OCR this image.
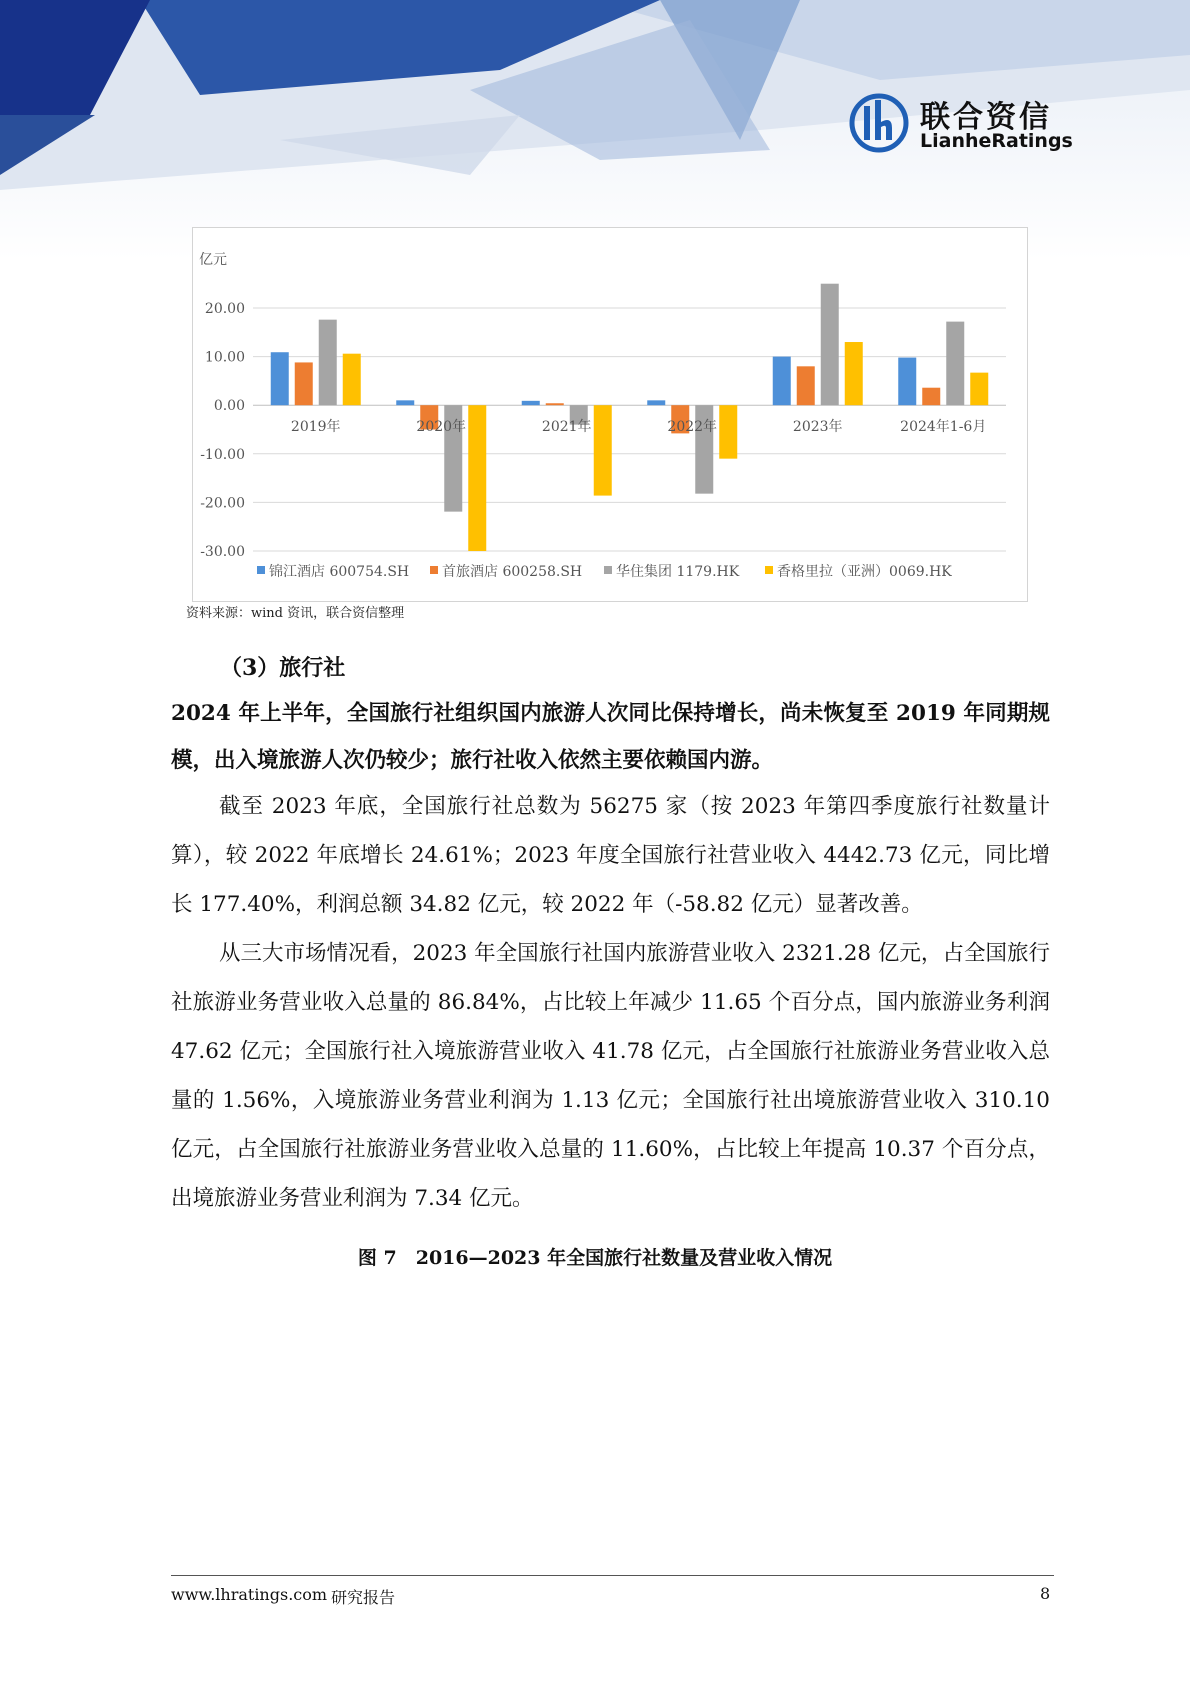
联合资信
LianheRatings
亿元
20.00
10.00
0.00
-10.00
-20.00
-30.00
2019年	2020年	2021年	2022年	2023年	2024年1-6月
锦江酒店 600754.SH 首旅酒店 600258.SH 华住集团 1179.HK	香格里拉（亚洲）0069.HK
资料来源：wind 资讯，联合资信整理
（3）旅行社
2024 年上半年，全国旅行社组织国内旅游人次同比保持增长，尚未恢复至 2019 年同期规模，出入境旅游人次仍较少；旅行社收入依然主要依赖国内游。
截至 2023 年底，全国旅行社总数为 56275 家（按 2023 年第四季度旅行社数量计算），较 2022 年底增长 24.61%；2023 年度全国旅行社营业收入 4442.73 亿元，同比增长 177.40%，利润总额 34.82 亿元，较 2022 年（-58.82 亿元）显著改善。
从三大市场情况看，2023 年全国旅行社国内旅游营业收入 2321.28 亿元，占全国旅行社旅游业务营业收入总量的 86.84%，占比较上年减少 11.65 个百分点，国内旅游业务利润 47.62 亿元；全国旅行社入境旅游营业收入 41.78 亿元，占全国旅行社旅游业务营业收入总量的 1.56%，入境旅游业务营业利润为 1.13 亿元；全国旅行社出境旅游营业收入 310.10 亿元，占全国旅行社旅游业务营业收入总量的 11.60%，占比较上年提高 10.37 个百分点，出境旅游业务营业利润为 7.34 亿元。
图 7　2016—2023 年全国旅行社数量及营业收入情况
www.lhratings.com 研究报告	8
